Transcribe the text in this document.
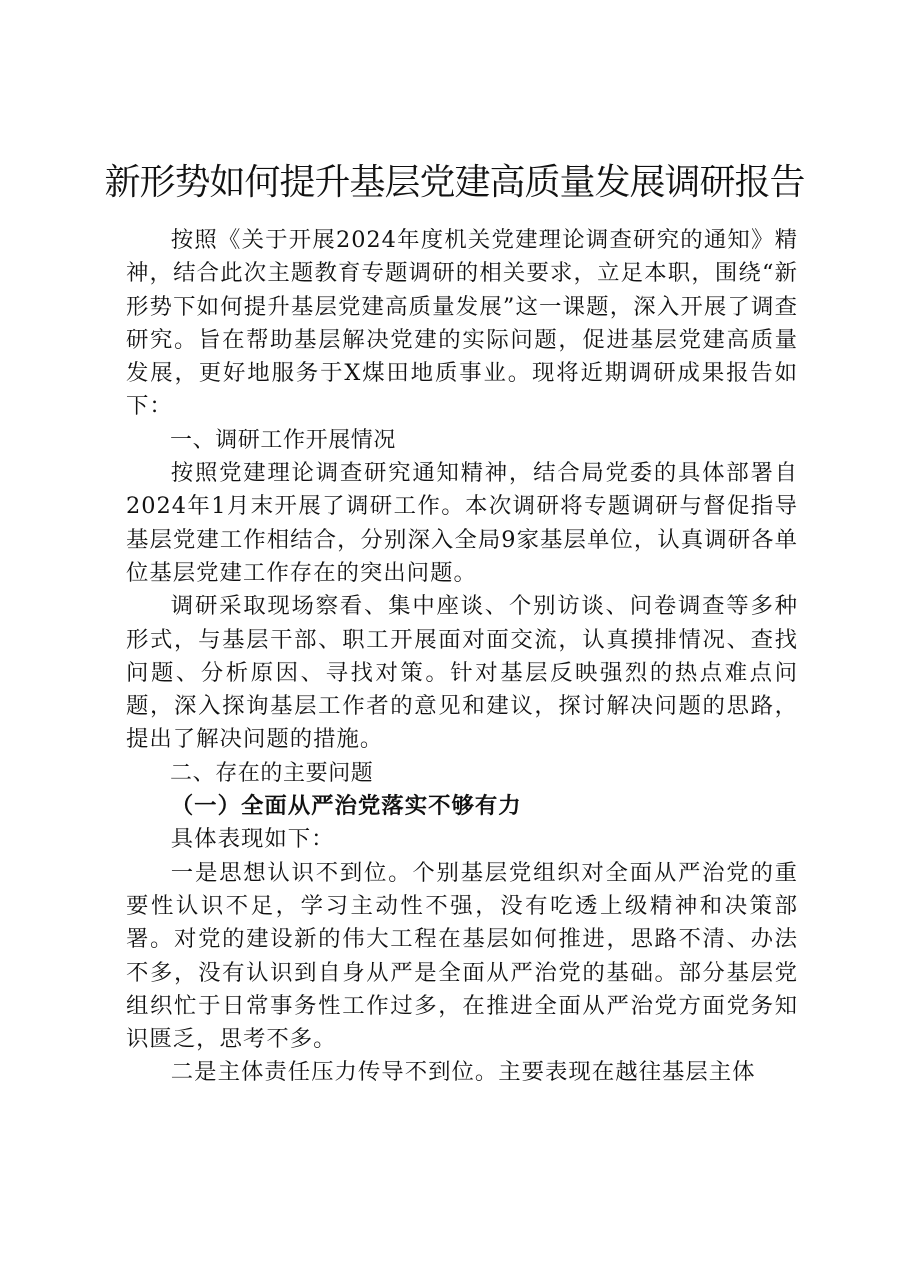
新形势如何提升基层党建高质量发展调研报告

按照《关于开展2024年度机关党建理论调查研究的通知》精神，结合此次主题教育专题调研的相关要求，立足本职，围绕“新形势下如何提升基层党建高质量发展”这一课题，深入开展了调查研究。旨在帮助基层解决党建的实际问题，促进基层党建高质量发展，更好地服务于X煤田地质事业。现将近期调研成果报告如下：

一、调研工作开展情况

按照党建理论调查研究通知精神，结合局党委的具体部署自2024年1月末开展了调研工作。本次调研将专题调研与督促指导基层党建工作相结合，分别深入全局9家基层单位，认真调研各单位基层党建工作存在的突出问题。

调研采取现场察看、集中座谈、个别访谈、问卷调查等多种形式，与基层干部、职工开展面对面交流，认真摸排情况、查找问题、分析原因、寻找对策。针对基层反映强烈的热点难点问题，深入探询基层工作者的意见和建议，探讨解决问题的思路，提出了解决问题的措施。

二、存在的主要问题

（一）全面从严治党落实不够有力

具体表现如下：

一是思想认识不到位。个别基层党组织对全面从严治党的重要性认识不足，学习主动性不强，没有吃透上级精神和决策部署。对党的建设新的伟大工程在基层如何推进，思路不清、办法不多，没有认识到自身从严是全面从严治党的基础。部分基层党组织忙于日常事务性工作过多，在推进全面从严治党方面党务知识匮乏，思考不多。

二是主体责任压力传导不到位。主要表现在越往基层主体
